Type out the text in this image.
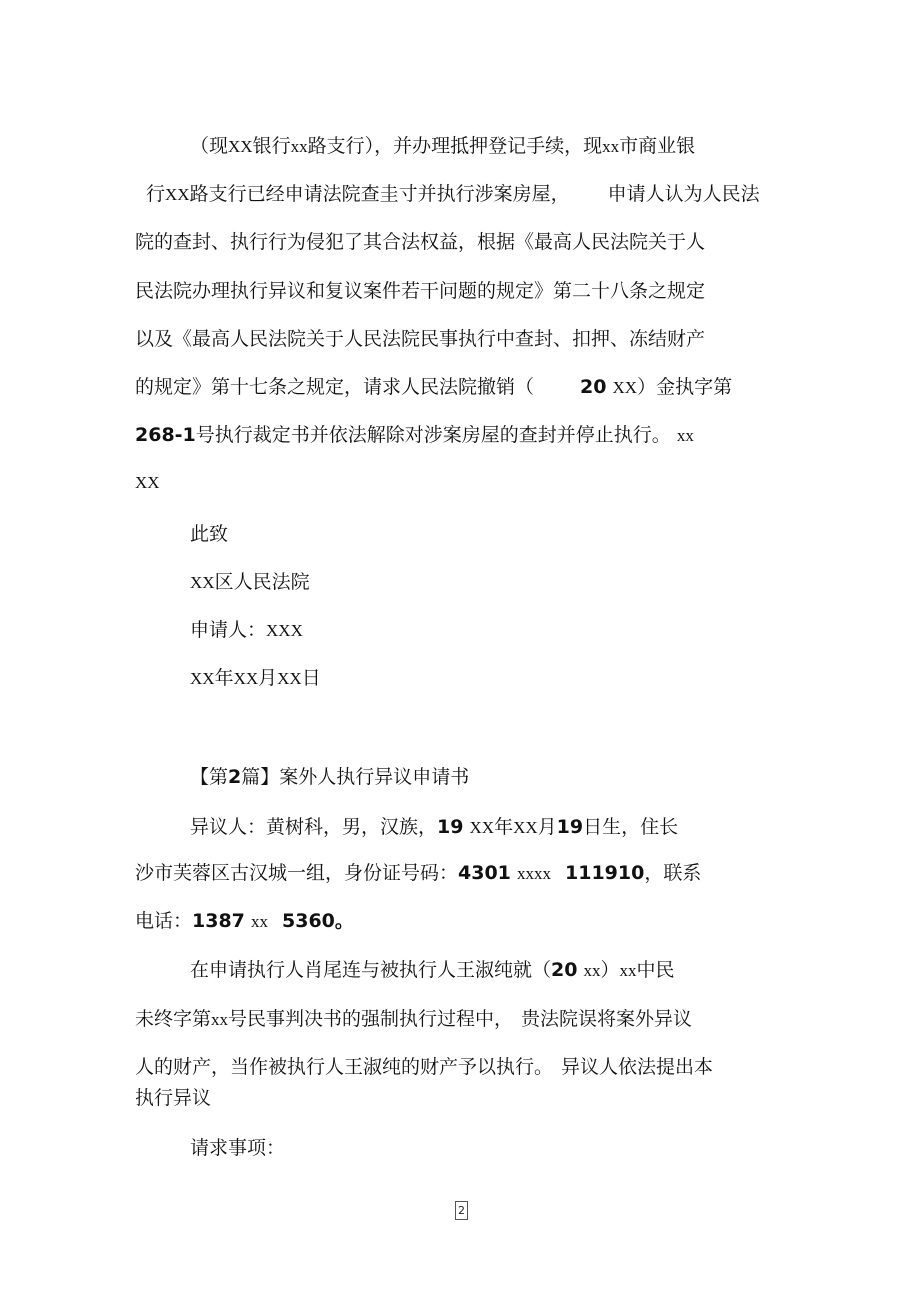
（现XX银行xx路支行），并办理抵押登记手续，现xx市商业银
行XX路支行已经申请法院查圭寸并执行涉案房屋， 申请人认为人民法
院的查封、执行行为侵犯了其合法权益，根据《最高人民法院关于人
民法院办理执行异议和复议案件若干问题的规定》第二十八条之规定
以及《最高人民法院关于人民法院民事执行中查封、扣押、冻结财产
的规定》第十七条之规定，请求人民法院撤销（ 20 XX）金执字第
268-1号执行裁定书并依法解除对涉案房屋的查封并停止执行。 xx
XX
此致
XX区人民法院
申请人：XXX
XX年XX月XX日
【第2篇】案外人执行异议申请书
异议人：黄树科，男，汉族，19 XX年XX月19日生，住长
沙市芙蓉区古汉城一组，身份证号码：4301 xxxx 111910，联系
电话：1387 xx 5360。
在申请执行人肖尾连与被执行人王淑纯就（20 xx）xx中民
未终字第xx号民事判决书的强制执行过程中， 贵法院误将案外异议
人的财产，当作被执行人王淑纯的财产予以执行。 异议人依法提出本
执行异议
请求事项：
2
